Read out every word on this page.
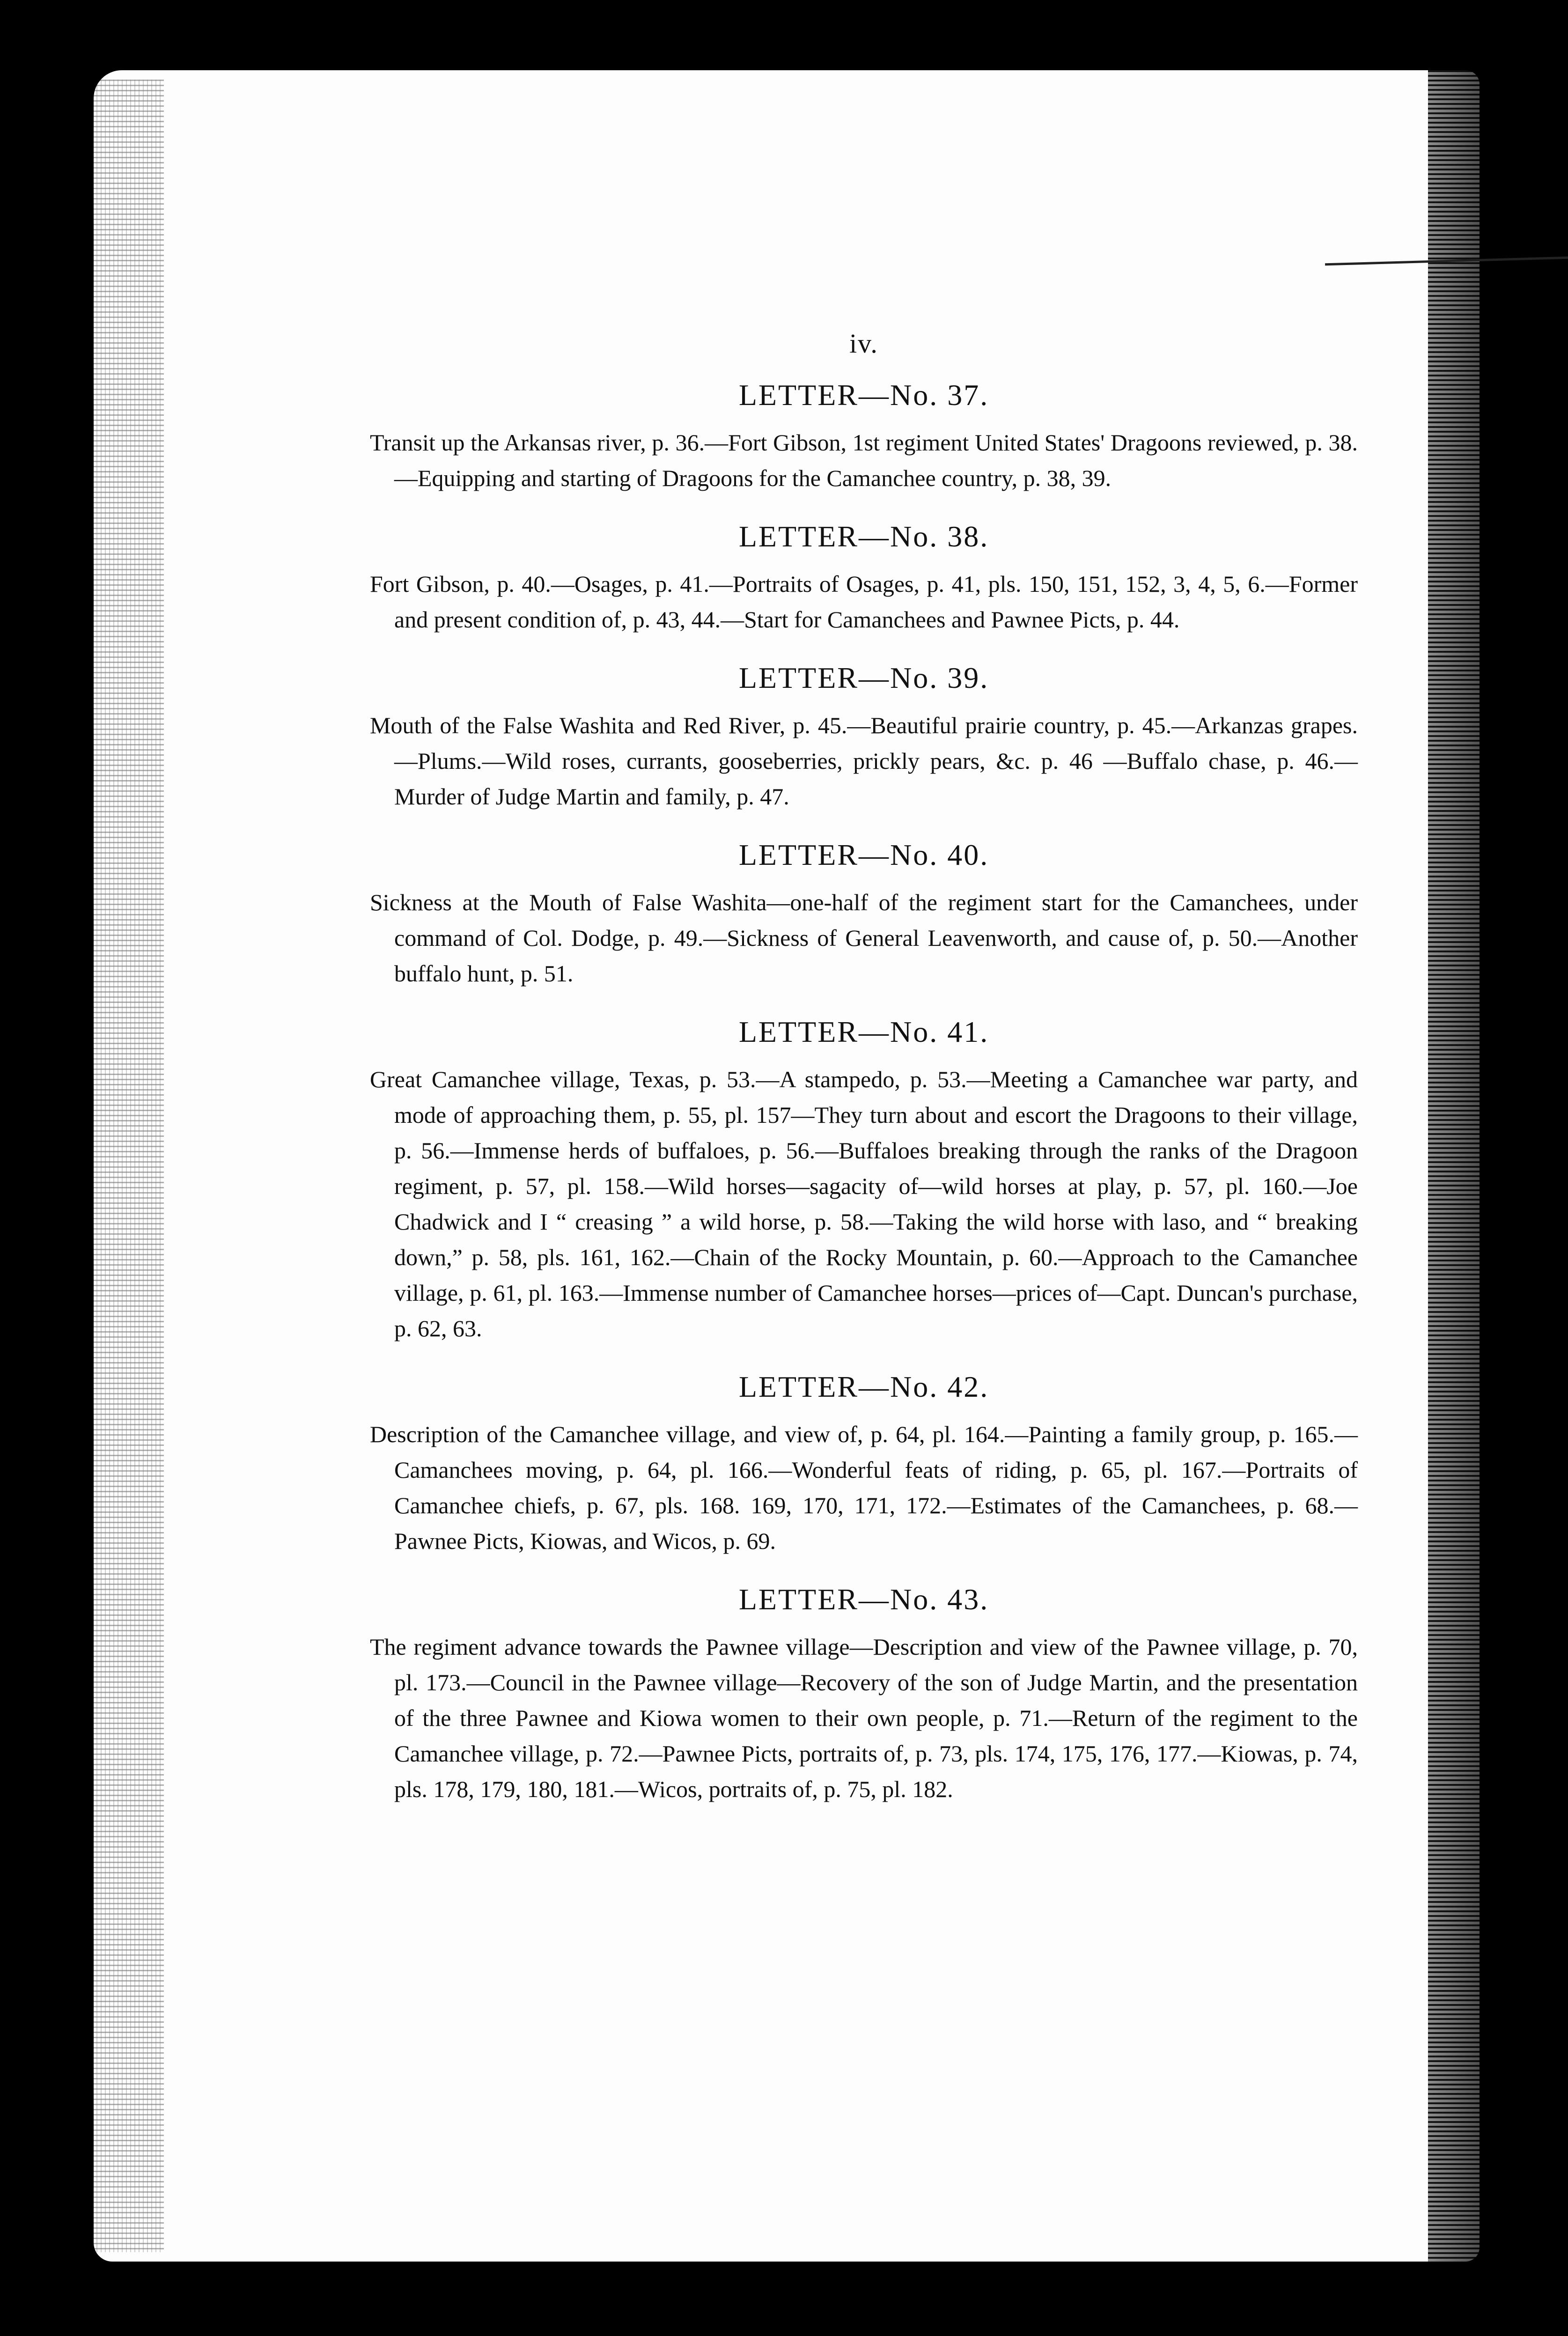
iv.
LETTER—No. 37.

Transit up the Arkansas river, p. 36.—Fort Gibson, 1st regiment United States' Dragoons reviewed, p. 38.—Equipping and starting of Dragoons for the Camanchee country, p. 38, 39.

LETTER—No. 38.

Fort Gibson, p. 40.—Osages, p. 41.—Portraits of Osages, p. 41, pls. 150, 151, 152, 3, 4, 5, 6.—Former and present condition of, p. 43, 44.—Start for Camanchees and Pawnee Picts, p. 44.

LETTER—No. 39.

Mouth of the False Washita and Red River, p. 45.—Beautiful prairie country, p. 45.—Arkanzas grapes.—Plums.—Wild roses, currants, gooseberries, prickly pears, &c. p. 46 —Buffalo chase, p. 46.—Murder of Judge Martin and family, p. 47.

LETTER—No. 40.

Sickness at the Mouth of False Washita—one-half of the regiment start for the Camanchees, under command of Col. Dodge, p. 49.—Sickness of General Leavenworth, and cause of, p. 50.—Another buffalo hunt, p. 51.

LETTER—No. 41.

Great Camanchee village, Texas, p. 53.—A stampedo, p. 53.—Meeting a Camanchee war party, and mode of approaching them, p. 55, pl. 157—They turn about and escort the Dragoons to their village, p. 56.—Immense herds of buffaloes, p. 56.—Buffaloes breaking through the ranks of the Dragoon regiment, p. 57, pl. 158.—Wild horses—sagacity of—wild horses at play, p. 57, pl. 160.—Joe Chadwick and I “ creasing ” a wild horse, p. 58.—Taking the wild horse with laso, and “ breaking down,” p. 58, pls. 161, 162.—Chain of the Rocky Mountain, p. 60.—Approach to the Camanchee village, p. 61, pl. 163.—Immense number of Camanchee horses—prices of—Capt. Duncan's purchase, p. 62, 63.

LETTER—No. 42.

Description of the Camanchee village, and view of, p. 64, pl. 164.—Painting a family group, p. 165.—Camanchees moving, p. 64, pl. 166.—Wonderful feats of riding, p. 65, pl. 167.—Portraits of Camanchee chiefs, p. 67, pls. 168. 169, 170, 171, 172.—Estimates of the Camanchees, p. 68.—Pawnee Picts, Kiowas, and Wicos, p. 69.

LETTER—No. 43.

The regiment advance towards the Pawnee village—Description and view of the Pawnee village, p. 70, pl. 173.—Council in the Pawnee village—Recovery of the son of Judge Martin, and the presentation of the three Pawnee and Kiowa women to their own people, p. 71.—Return of the regiment to the Camanchee village, p. 72.—Pawnee Picts, portraits of, p. 73, pls. 174, 175, 176, 177.—Kiowas, p. 74, pls. 178, 179, 180, 181.—Wicos, portraits of, p. 75, pl. 182.
